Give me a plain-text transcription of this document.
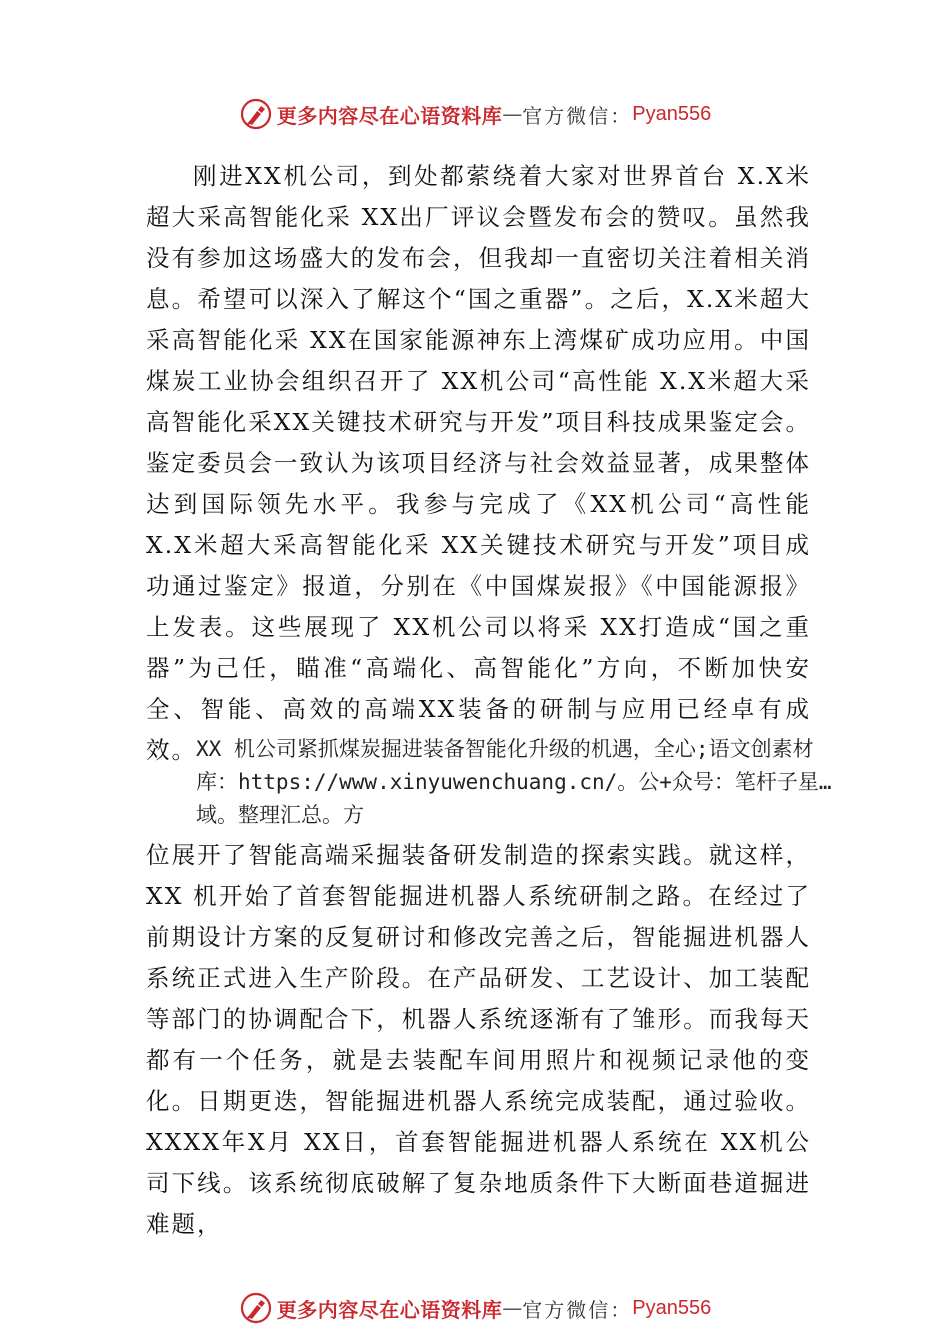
更多内容尽在心语资料库 — 官方微信： Pyan556

刚进XX机公司，到处都萦绕着大家对世界首台 X.X米超大采高智能化采 XX出厂评议会暨发布会的赞叹。虽然我没有参加这场盛大的发布会，但我却一直密切关注着相关消息。希望可以深入了解这个“国之重器”。之后，X.X米超大采高智能化采 XX在国家能源神东上湾煤矿成功应用。中国煤炭工业协会组织召开了 XX机公司“高性能 X.X米超大采高智能化采XX关键技术研究与开发”项目科技成果鉴定会。鉴定委员会一致认为该项目经济与社会效益显著，成果整体达到国际领先水平。我参与完成了《XX机公司“高性能 X.X米超大采高智能化采 XX关键技术研究与开发”项目成功通过鉴定》报道，分别在《中国煤炭报》《中国能源报》上发表。这些展现了 XX机公司以将采 XX打造成“国之重器”为己任，瞄准“高端化、高智能化”方向，不断加快安全、智能、高效的高端XX装备的研制与应用已经卓有成效。 XX 机公司紧抓煤炭掘进装备智能化升级的机遇，全心;语文创素材库：https://www.xinyuwenchuang.cn/。公+众号：笔杆子星…域。整理汇总。方

位展开了智能高端采掘装备研发制造的探索实践。就这样，XX 机开始了首套智能掘进机器人系统研制之路。在经过了前期设计方案的反复研讨和修改完善之后，智能掘进机器人系统正式进入生产阶段。在产品研发、工艺设计、加工装配等部门的协调配合下，机器人系统逐渐有了雏形。而我每天都有一个任务，就是去装配车间用照片和视频记录他的变化。日期更迭，智能掘进机器人系统完成装配，通过验收。XXXX年X月 XX日，首套智能掘进机器人系统在 XX机公司下线。该系统彻底破解了复杂地质条件下大断面巷道掘进难题，

更多内容尽在心语资料库 — 官方微信： Pyan556
